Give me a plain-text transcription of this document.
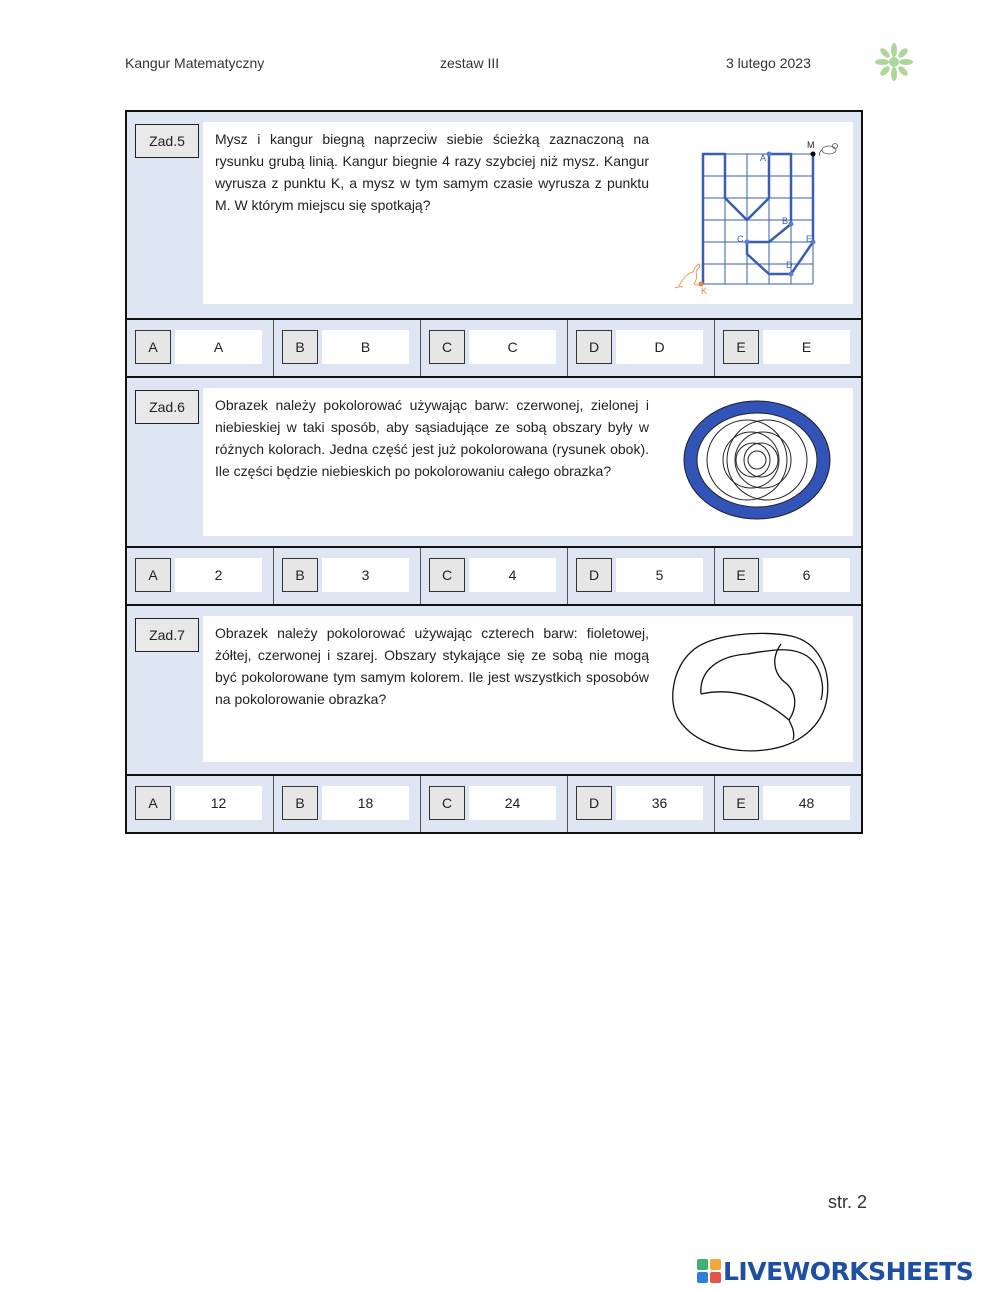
Kangur Matematyczny	zestaw III	3 lutego 2023
Zad.5	Mysz i kangur biegną naprzeciw siebie ścieżką zaznaczoną na rysunku grubą linią. Kangur biegnie 4 razy szybciej niż mysz. Kangur wyrusza z punktu K, a mysz w tym samym czasie wyrusza z punktu M. W którym miejscu się spotkają?
M
A
B
C	E
D
K
A	A	B	B	C	C	D	D	E	E
Zad.6	Obrazek należy pokolorować używając barw: czerwonej, zielonej i niebieskiej w taki sposób, aby sąsiadujące ze sobą obszary były w różnych kolorach. Jedna część jest już pokolorowana (rysunek obok). Ile części będzie niebieskich po pokolorowaniu całego obrazka?
A	2	B	3	C	4	D	5	E	6
Zad.7	Obrazek należy pokolorować używając czterech barw: fioletowej, żółtej, czerwonej i szarej. Obszary stykające się ze sobą nie mogą być pokolorowane tym samym kolorem. Ile jest wszystkich sposobów na pokolorowanie obrazka?
A	12	B	18	C	24	D	36	E	48
str. 2
LIVEWORKSHEETS
